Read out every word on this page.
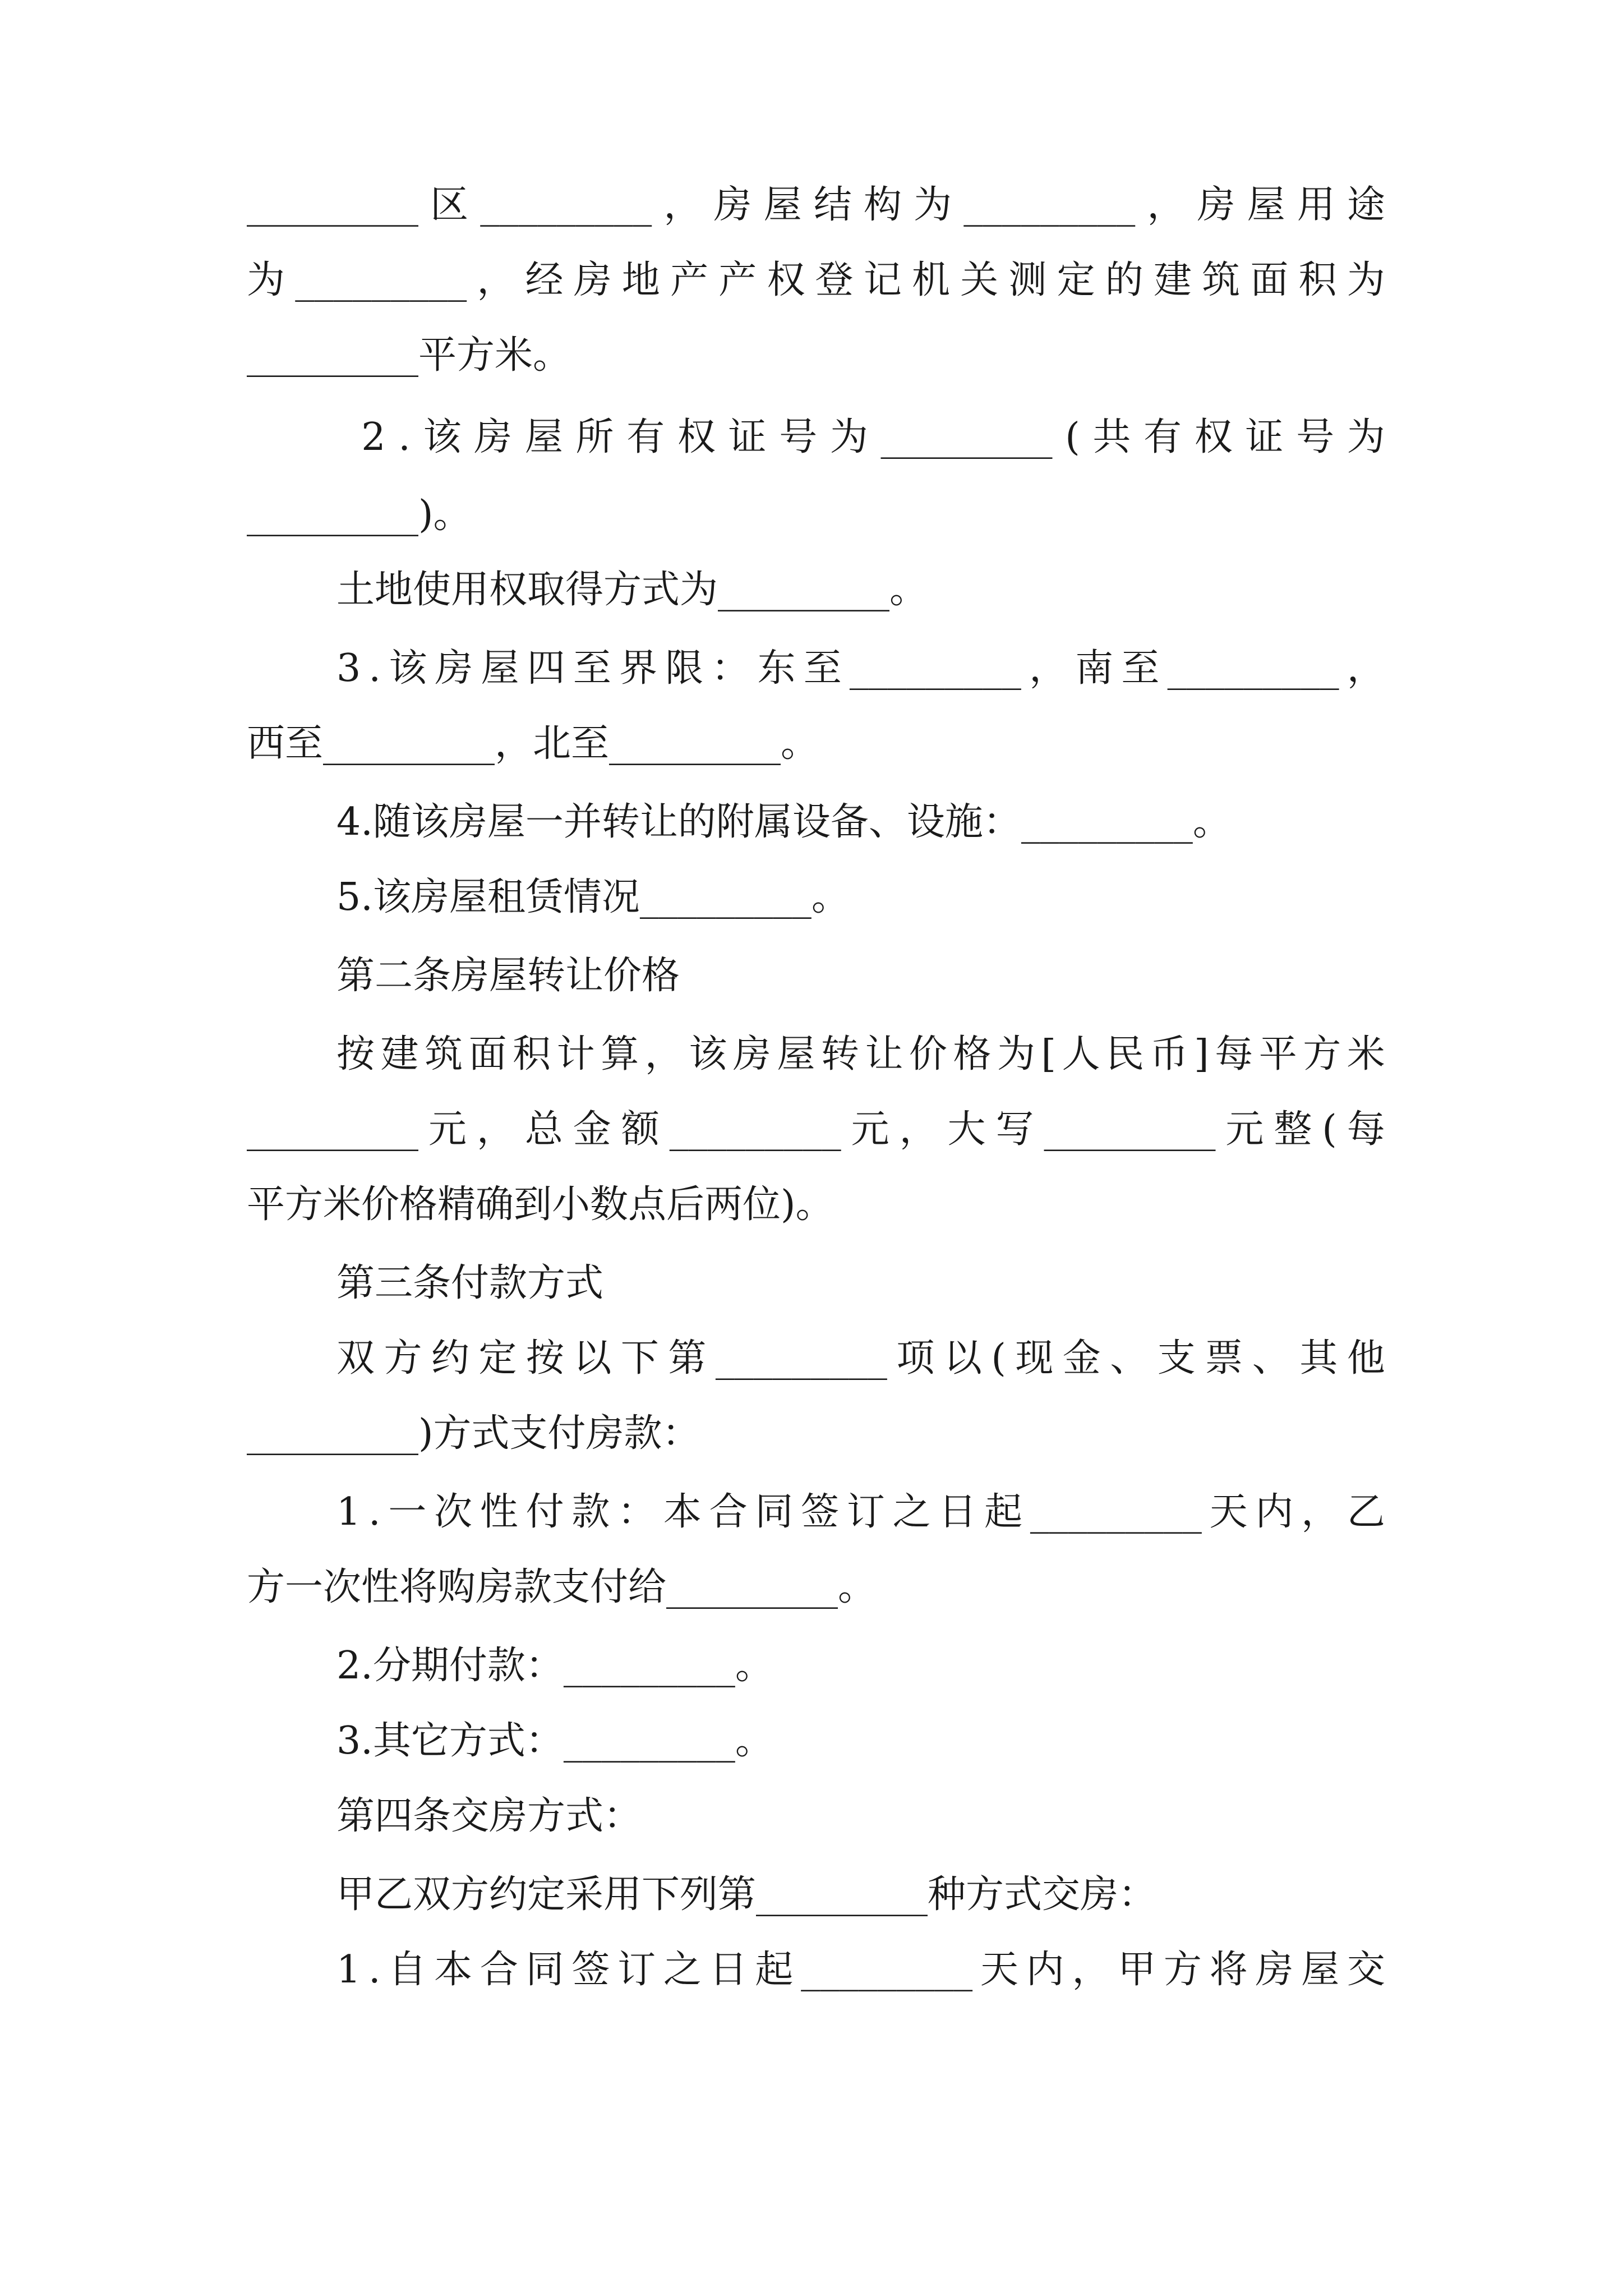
_________ 区 _________ ， 房 屋 结 构 为 _________ ， 房 屋 用 途

为 _________ ， 经 房 地 产 产 权 登 记 机 关 测 定 的 建 筑 面 积 为

_________平方米。

2 . 该 房 屋 所 有 权 证 号 为 _________ ( 共 有 权 证 号 为

_________)。

土地使用权取得方式为_________。

3 . 该 房 屋 四 至 界 限 ： 东 至 _________ ， 南 至 _________ ，

西至_________，北至_________。

4.随该房屋一并转让的附属设备、设施：_________。

5.该房屋租赁情况_________。

第二条房屋转让价格

按 建 筑 面 积 计 算 ， 该 房 屋 转 让 价 格 为 [ 人 民 币 ] 每 平 方 米

_________ 元 ， 总 金 额 _________ 元 ， 大 写 _________ 元 整 ( 每

平方米价格精确到小数点后两位)。

第三条付款方式

双 方 约 定 按 以 下 第 _________ 项 以 ( 现 金 、 支 票 、 其 他

_________)方式支付房款：

1 . 一 次 性 付 款 ： 本 合 同 签 订 之 日 起 _________ 天 内 ， 乙

方一次性将购房款支付给_________。

2.分期付款：_________。

3.其它方式：_________。

第四条交房方式：

甲乙双方约定采用下列第_________种方式交房：

1 . 自 本 合 同 签 订 之 日 起 _________ 天 内 ， 甲 方 将 房 屋 交
